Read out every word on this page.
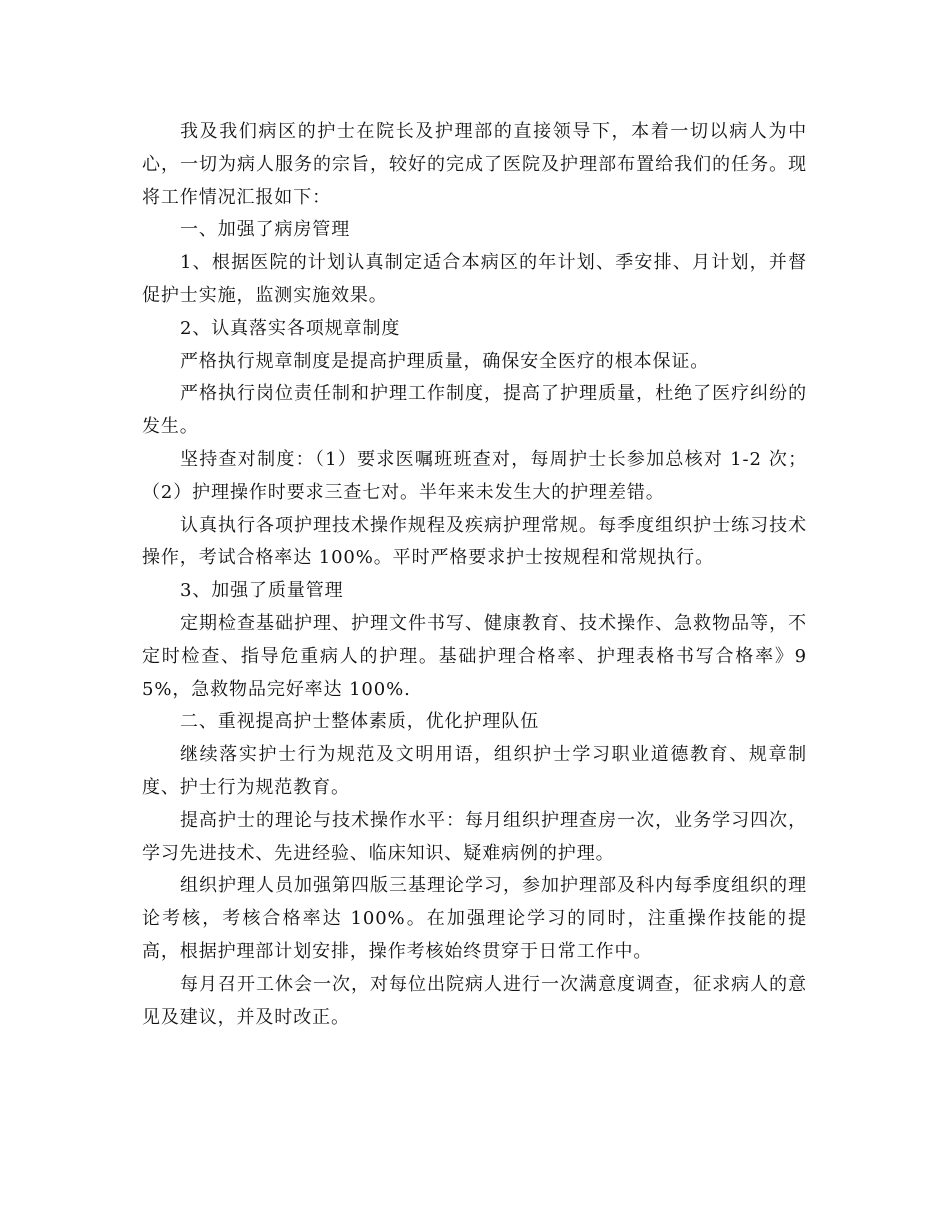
我及我们病区的护士在院长及护理部的直接领导下，本着一切以病人为中心，一切为病人服务的宗旨，较好的完成了医院及护理部布置给我们的任务。现将工作情况汇报如下：

一、加强了病房管理

1、根据医院的计划认真制定适合本病区的年计划、季安排、月计划，并督促护士实施，监测实施效果。

2、认真落实各项规章制度

严格执行规章制度是提高护理质量，确保安全医疗的根本保证。

严格执行岗位责任制和护理工作制度，提高了护理质量，杜绝了医疗纠纷的发生。

坚持查对制度：（1）要求医嘱班班查对，每周护士长参加总核对 1-2 次；（2）护理操作时要求三查七对。半年来未发生大的护理差错。

认真执行各项护理技术操作规程及疾病护理常规。每季度组织护士练习技术操作，考试合格率达 100%。平时严格要求护士按规程和常规执行。

3、加强了质量管理

定期检查基础护理、护理文件书写、健康教育、技术操作、急救物品等，不定时检查、指导危重病人的护理。基础护理合格率、护理表格书写合格率》95%，急救物品完好率达 100%.

二、重视提高护士整体素质，优化护理队伍

继续落实护士行为规范及文明用语，组织护士学习职业道德教育、规章制度、护士行为规范教育。

提高护士的理论与技术操作水平：每月组织护理查房一次，业务学习四次，学习先进技术、先进经验、临床知识、疑难病例的护理。

组织护理人员加强第四版三基理论学习，参加护理部及科内每季度组织的理论考核，考核合格率达 100%。在加强理论学习的同时，注重操作技能的提高，根据护理部计划安排，操作考核始终贯穿于日常工作中。

每月召开工休会一次，对每位出院病人进行一次满意度调查，征求病人的意见及建议，并及时改正。
